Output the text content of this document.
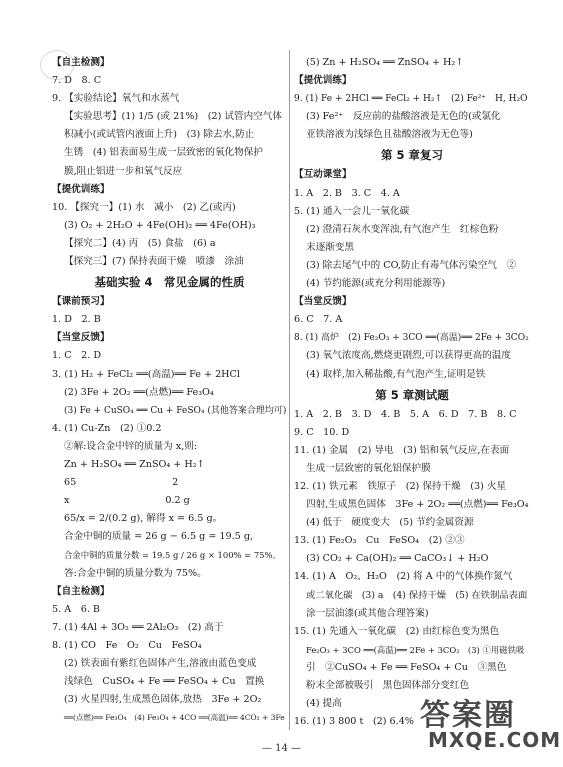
【自主检测】
7. D　8. C
9. 【实验结论】氧气和水蒸气
【实验思考】(1) 1/5 (或 21%)　(2) 试管内空气体
积减小(或试管内液面上升)　(3) 除去水,防止
生锈　(4) 铝表面易生成一层致密的氧化物保护
膜,阻止铝进一步和氧气反应
【提优训练】
10. 【探究一】(1) 水　减小　(2) 乙(或丙)
(3) O₂ + 2H₂O + 4Fe(OH)₂ ══ 4Fe(OH)₃
【探究二】(4) 丙　(5) 食盐　(6) a
【探究三】(7) 保持表面干燥　喷漆　涂油
基础实验 4　常见金属的性质
【课前预习】
1. D　2. B
【当堂反馈】
1. C　2. D
3. (1) H₂ + FeCl₂ ══(高温)══ Fe + 2HCl
(2) 3Fe + 2O₂ ══(点燃)══ Fe₃O₄
(3) Fe + CuSO₄ ══ Cu + FeSO₄ (其他答案合理均可)
4. (1) Cu-Zn　(2) ①0.2
②解:设合金中锌的质量为 x,则:
Zn + H₂SO₄ ══ ZnSO₄ + H₂↑
65　　　　　　　　　　2
x　　　　　　　　　　0.2 g
65/x = 2/(0.2 g), 解得 x = 6.5 g。
合金中铜的质量 = 26 g − 6.5 g = 19.5 g,
合金中铜的质量分数 = 19.5 g / 26 g × 100% = 75%。
答:合金中铜的质量分数为 75%。
【自主检测】
5. A　6. B
7. (1) 4Al + 3O₂ ══ 2Al₂O₃　(2) 高于
8. (1) CO　Fe　O₂　Cu　FeSO₄
(2) 铁表面有紫红色固体产生,溶液由蓝色变成
浅绿色　CuSO₄ + Fe ══ FeSO₄ + Cu　置换
(3) 火星四射,生成黑色固体,放热　3Fe + 2O₂
══(点燃)══ Fe₃O₄　(4) Fe₃O₄ + 4CO ══(高温)══ 4CO₂ + 3Fe
(5) Zn + H₂SO₄ ══ ZnSO₄ + H₂↑
【提优训练】
9. (1) Fe + 2HCl ══ FeCl₂ + H₂↑　(2) Fe²⁺　H, H₂O
(3) Fe²⁺　反应前的盐酸溶液是无色的(或氯化
亚铁溶液为浅绿色且盐酸溶液为无色等)
第 5 章复习
【互动课堂】
1. A　2. B　3. C　4. A
5. (1) 通入一会儿一氧化碳
(2) 澄清石灰水变浑浊,有气泡产生　红棕色粉
末逐渐变黑
(3) 除去尾气中的 CO,防止有毒气体污染空气　②
(4) 节约能源(或充分利用能源等)
【当堂反馈】
6. C　7. A
8. (1) 高炉　(2) Fe₂O₃ + 3CO ══(高温)══ 2Fe + 3CO₂
(3) 氧气浓度高,燃烧更剧烈,可以获得更高的温度
(4) 取样,加入稀盐酸,有气泡产生,证明是铁
第 5 章测试题
1. A　2. B　3. D　4. B　5. A　6. D　7. B　8. C
9. C　10. D
11. (1) 金属　(2) 导电　(3) 铝和氧气反应,在表面
生成一层致密的氧化铝保护膜
12. (1) 铁元素　铁原子　(2) 保持干燥　(3) 火星
四射,生成黑色固体　3Fe + 2O₂ ══(点燃)══ Fe₃O₄
(4) 低于　硬度变大　(5) 节约金属资源
13. (1) Fe₂O₃　Cu　FeSO₄　(2) ②③
(3) CO₂ + Ca(OH)₂ ══ CaCO₃↓ + H₂O
14. (1) A　O₂、H₂O　(2) 将 A 中的气体换作氮气
或二氧化碳　(3) a　(4) 保持干燥　(5) 在铁制品表面
涂一层油漆(或其他合理答案)
15. (1) 先通入一氧化碳　(2) 由红棕色变为黑色
Fe₂O₃ + 3CO ══(高温)══ 2Fe + 3CO₂　(3) ①用磁铁吸
引　②CuSO₄ + Fe ══ FeSO₄ + Cu　③黑色
粉末全部被吸引　黑色固体部分变红色
(4) 提高
16. (1) 3 800 t　(2) 6.4%
— 14 —
答案圈
MXQE.COM
